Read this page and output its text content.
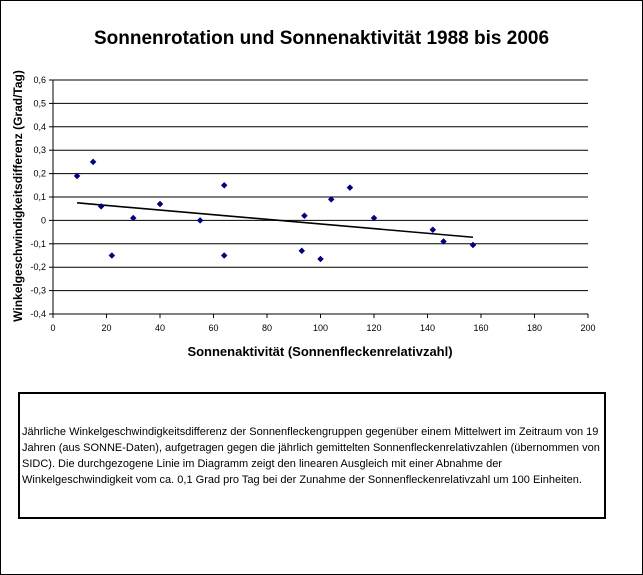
Sonnenrotation und Sonnenaktivität 1988 bis 2006
-0,4
-0,3
-0,2
-0,1
0
0,1
0,2
0,3
0,4
0,5
0,6
0	20	40	60	80	100	120	140	160	180	200
Sonnenaktivität (Sonnenfleckenrelativzahl)
Winkelgeschwindigkeitsdifferenz (Grad/Tag)
Jährliche Winkelgeschwindigkeitsdifferenz der Sonnenfleckengruppen gegenüber einem Mittelwert im Zeitraum von 19 Jahren (aus SONNE-Daten), aufgetragen gegen die jährlich gemittelten Sonnenfleckenrelativzahlen (übernommen von SIDC). Die durchgezogene Linie im Diagramm zeigt den linearen Ausgleich mit einer Abnahme der Winkelgeschwindigkeit vom ca. 0,1 Grad pro Tag bei der Zunahme der Sonnenfleckenrelativzahl um 100 Einheiten.
